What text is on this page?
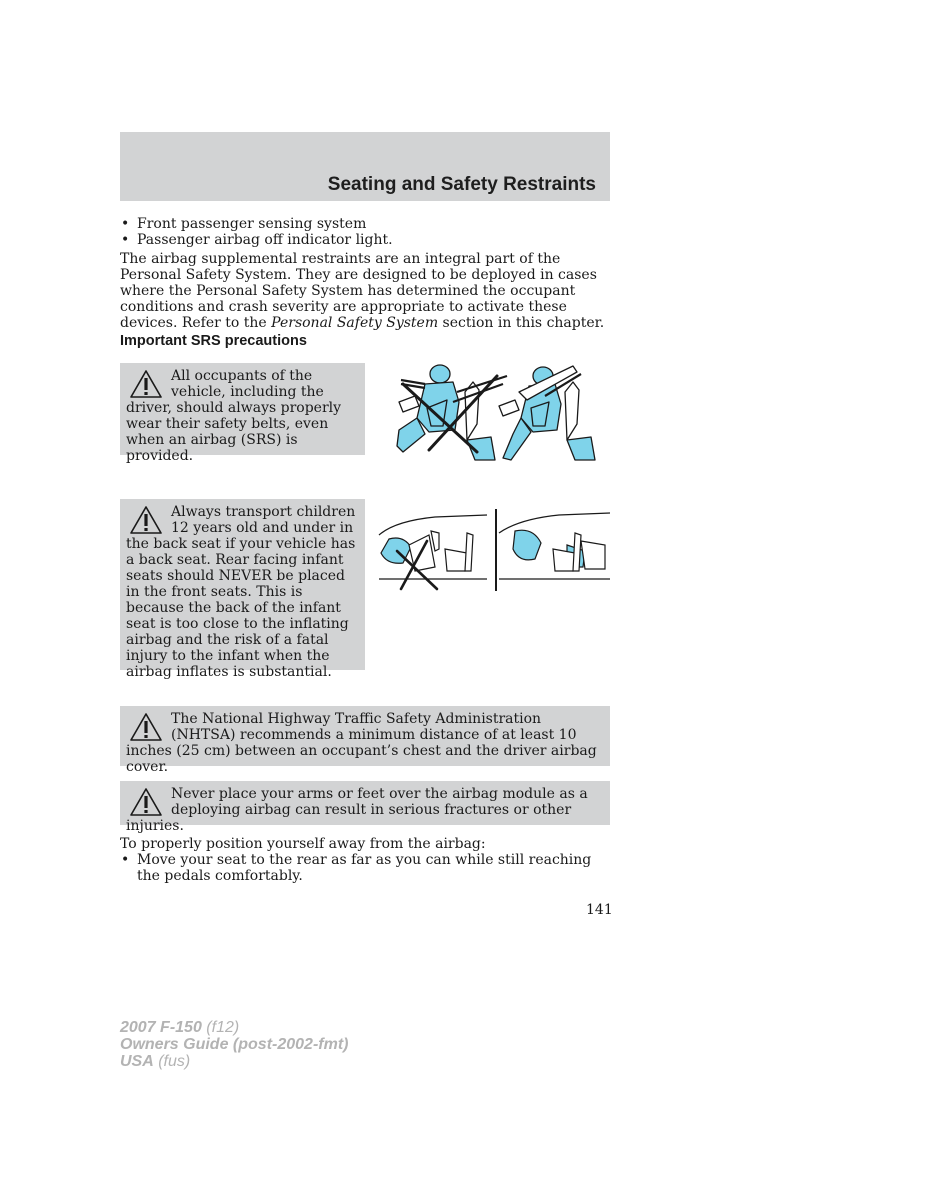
Seating and Safety Restraints
• Front passenger sensing system
• Passenger airbag off indicator light.
The airbag supplemental restraints are an integral part of the Personal Safety System. They are designed to be deployed in cases where the Personal Safety System has determined the occupant conditions and crash severity are appropriate to activate these devices. Refer to the Personal Safety System section in this chapter.
Important SRS precautions
All occupants of the vehicle, including the driver, should always properly wear their safety belts, even when an airbag (SRS) is provided.
Always transport children 12 years old and under in the back seat if your vehicle has a back seat. Rear facing infant seats should NEVER be placed in the front seats. This is because the back of the infant seat is too close to the inflating airbag and the risk of a fatal injury to the infant when the airbag inflates is substantial.
The National Highway Traffic Safety Administration (NHTSA) recommends a minimum distance of at least 10 inches (25 cm) between an occupant’s chest and the driver airbag cover.
Never place your arms or feet over the airbag module as a deploying airbag can result in serious fractures or other injuries.
To properly position yourself away from the airbag:
• Move your seat to the rear as far as you can while still reaching the pedals comfortably.
141
2007 F-150 (f12)
Owners Guide (post-2002-fmt)
USA (fus)
